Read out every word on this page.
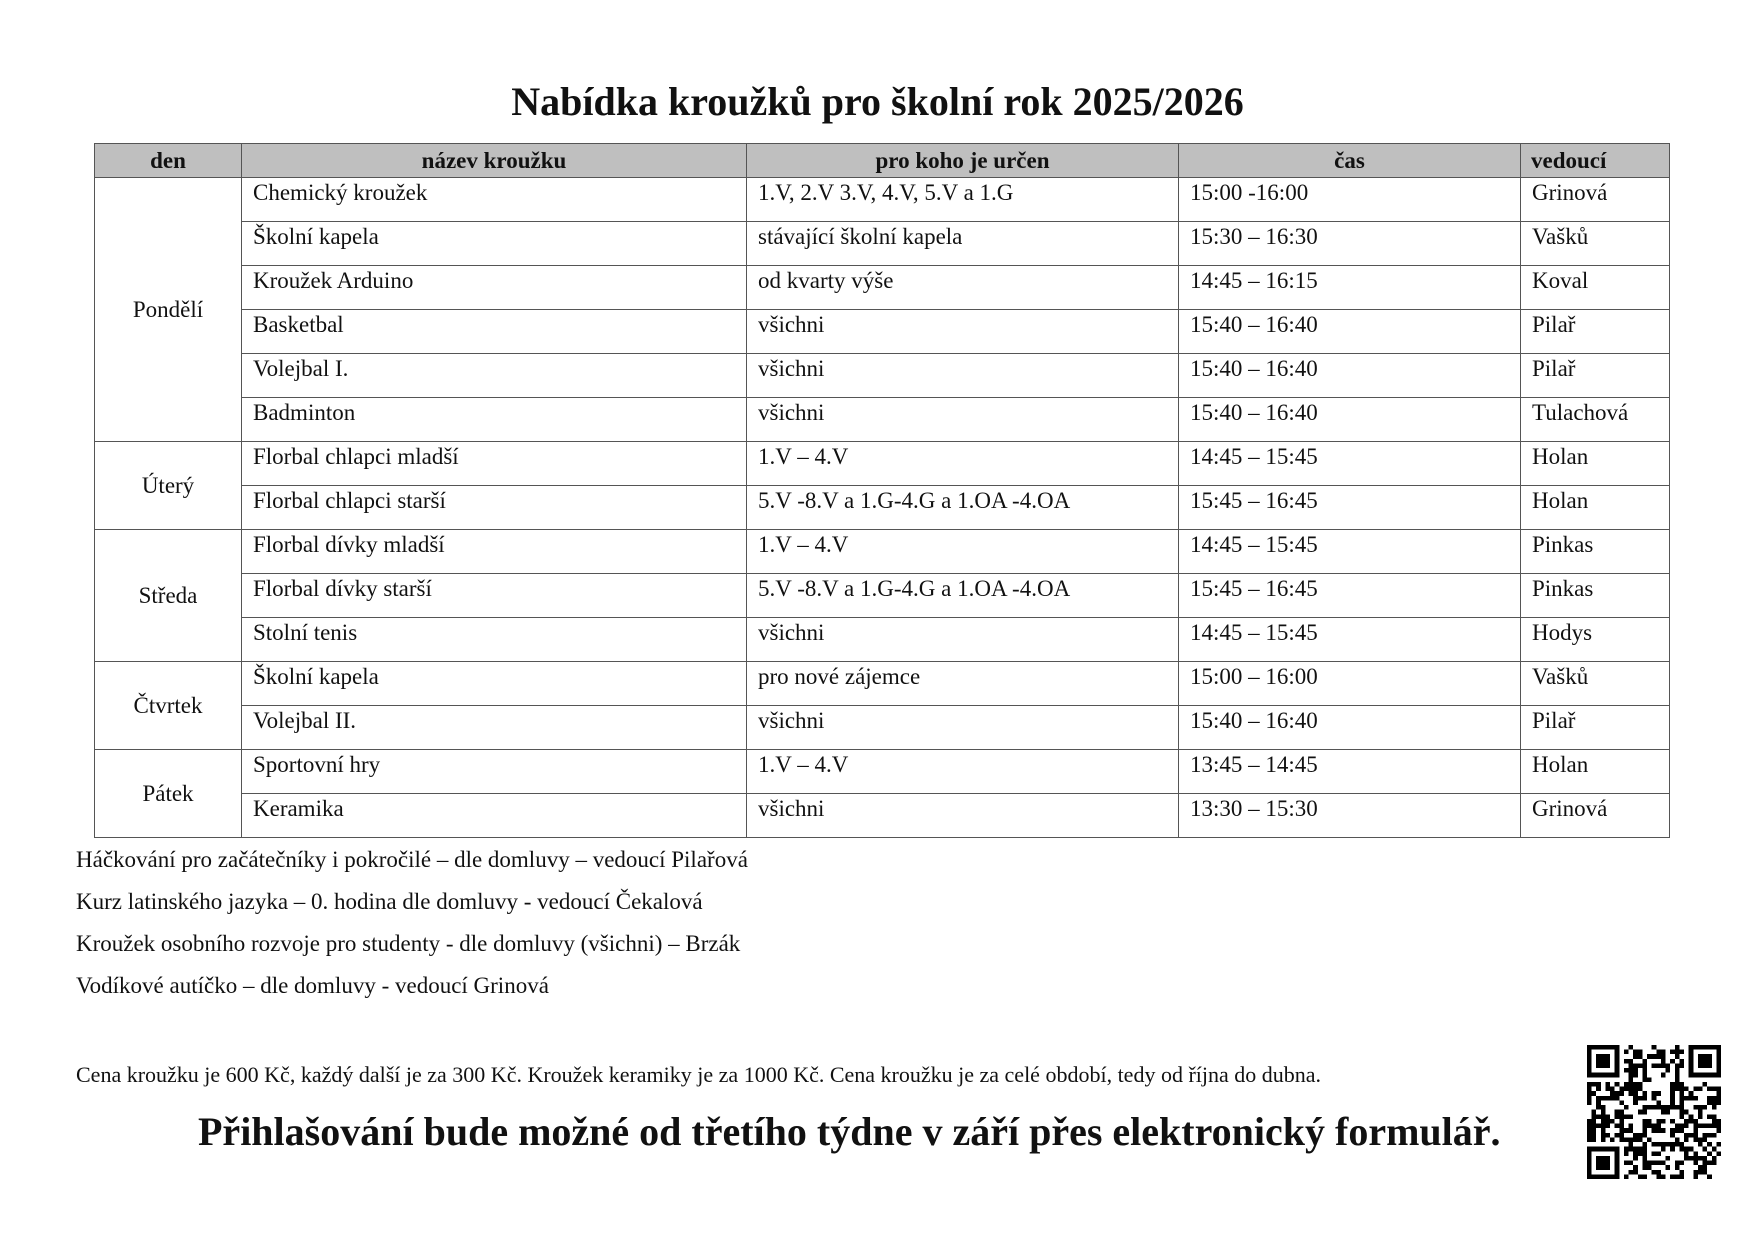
Nabídka kroužků pro školní rok 2025/2026
den	název kroužku	pro koho je určen	čas	vedoucí
Pondělí	Chemický kroužek	1.V, 2.V 3.V, 4.V, 5.V a 1.G	15:00 -16:00	Grinová
	Školní kapela	stávající školní kapela	15:30 – 16:30	Vašků
	Kroužek Arduino	od kvarty výše	14:45 – 16:15	Koval
	Basketbal	všichni	15:40 – 16:40	Pilař
	Volejbal I.	všichni	15:40 – 16:40	Pilař
	Badminton	všichni	15:40 – 16:40	Tulachová
Úterý	Florbal chlapci mladší	1.V – 4.V	14:45 – 15:45	Holan
	Florbal chlapci starší	5.V -8.V a 1.G-4.G a 1.OA -4.OA	15:45 – 16:45	Holan
Středa	Florbal dívky mladší	1.V – 4.V	14:45 – 15:45	Pinkas
	Florbal dívky starší	5.V -8.V a 1.G-4.G a 1.OA -4.OA	15:45 – 16:45	Pinkas
	Stolní tenis	všichni	14:45 – 15:45	Hodys
Čtvrtek	Školní kapela	pro nové zájemce	15:00 – 16:00	Vašků
	Volejbal II.	všichni	15:40 – 16:40	Pilař
Pátek	Sportovní hry	1.V – 4.V	13:45 – 14:45	Holan
	Keramika	všichni	13:30 – 15:30	Grinová
Háčkování pro začátečníky i pokročilé – dle domluvy – vedoucí Pilařová
Kurz latinského jazyka – 0. hodina dle domluvy - vedoucí Čekalová
Kroužek osobního rozvoje pro studenty - dle domluvy (všichni) – Brzák
Vodíkové autíčko – dle domluvy - vedoucí Grinová
Cena kroužku je 600 Kč, každý další je za 300 Kč. Kroužek keramiky je za 1000 Kč. Cena kroužku je za celé období, tedy od října do dubna.
Přihlašování bude možné od třetího týdne v září přes elektronický formulář.
